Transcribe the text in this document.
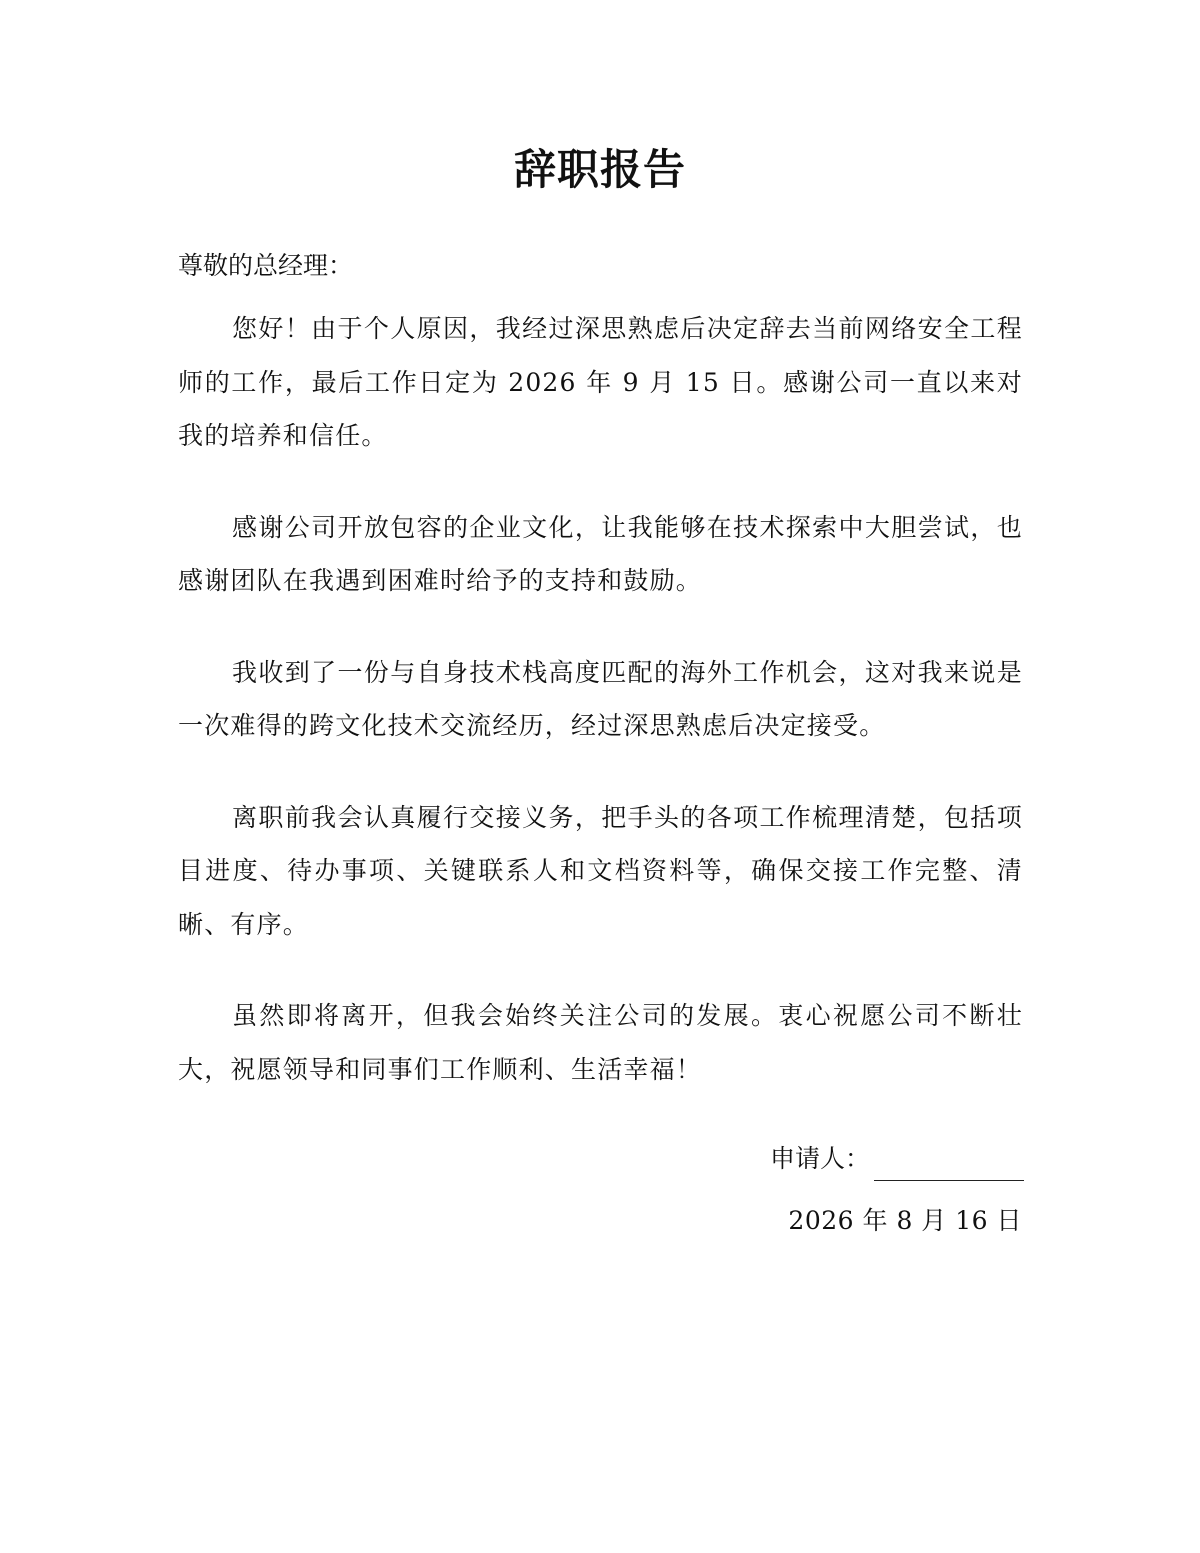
辞职报告
尊敬的总经理：

您好！由于个人原因，我经过深思熟虑后决定辞去当前网络安全工程师的工作，最后工作日定为 2026 年 9 月 15 日。感谢公司一直以来对我的培养和信任。

感谢公司开放包容的企业文化，让我能够在技术探索中大胆尝试，也感谢团队在我遇到困难时给予的支持和鼓励。

我收到了一份与自身技术栈高度匹配的海外工作机会，这对我来说是一次难得的跨文化技术交流经历，经过深思熟虑后决定接受。

离职前我会认真履行交接义务，把手头的各项工作梳理清楚，包括项目进度、待办事项、关键联系人和文档资料等，确保交接工作完整、清晰、有序。

虽然即将离开，但我会始终关注公司的发展。衷心祝愿公司不断壮大，祝愿领导和同事们工作顺利、生活幸福！

申请人：
2026 年 8 月 16 日
